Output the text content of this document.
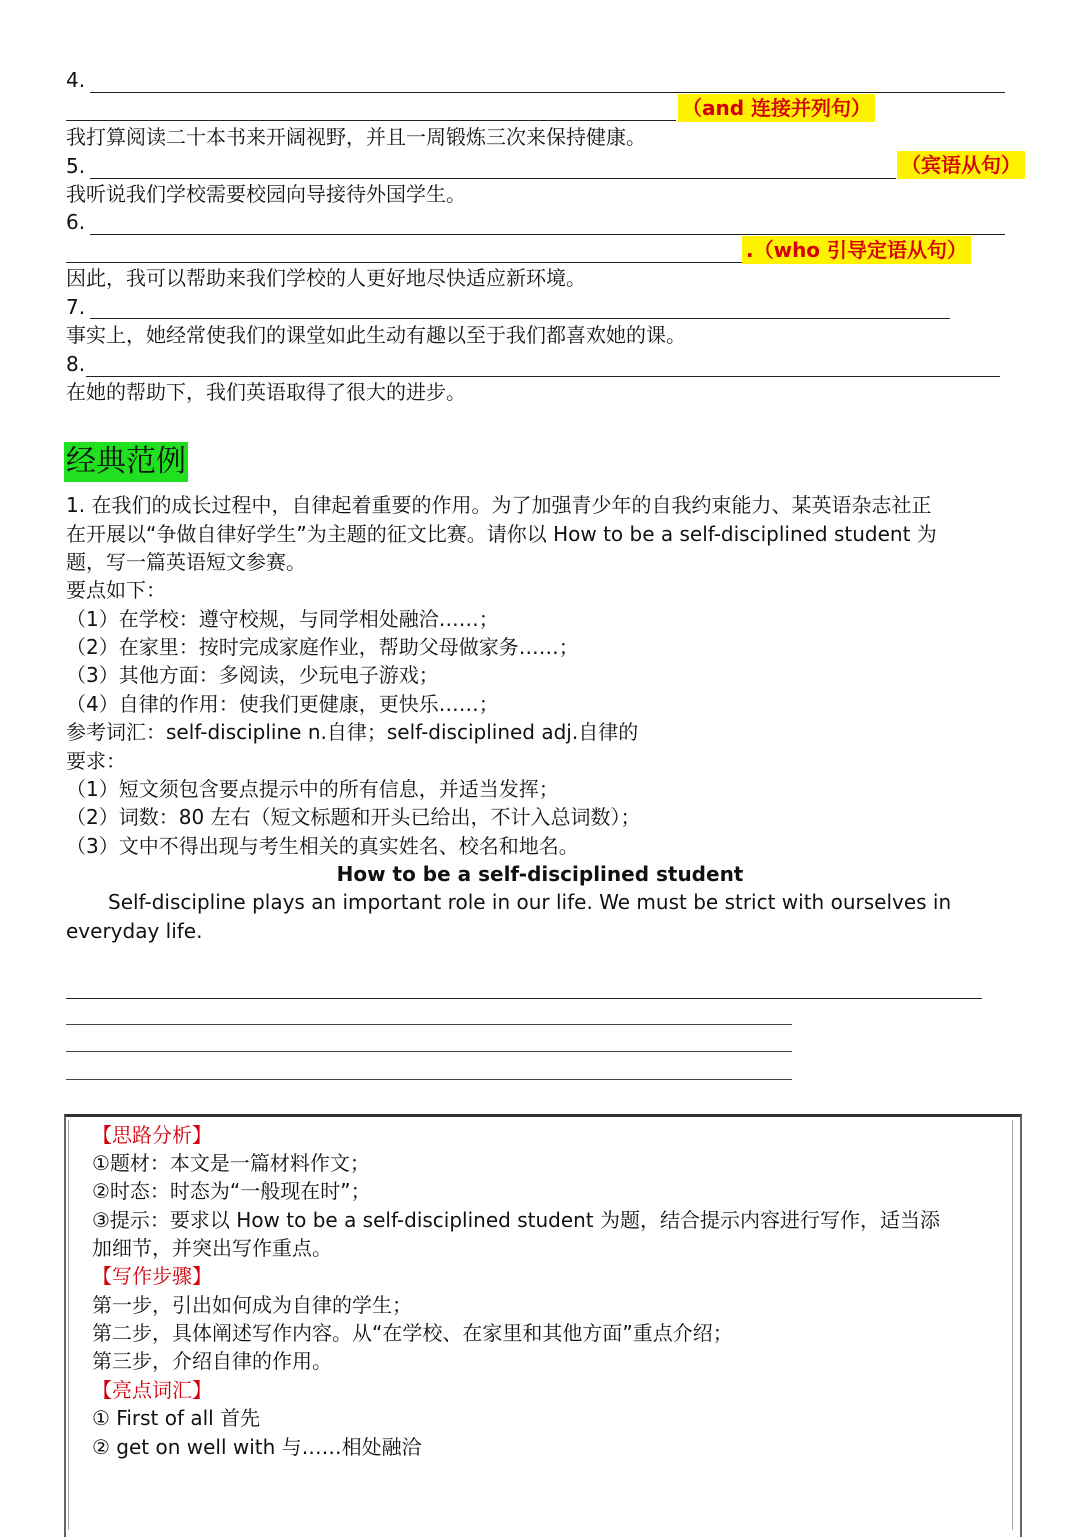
4.
（and 连接并列句）
我打算阅读二十本书来开阔视野，并且一周锻炼三次来保持健康。
5.	（宾语从句）
我听说我们学校需要校园向导接待外国学生。
6.
.（who 引导定语从句）
因此，我可以帮助来我们学校的人更好地尽快适应新环境。
7.
事实上，她经常使我们的课堂如此生动有趣以至于我们都喜欢她的课。
8.
在她的帮助下，我们英语取得了很大的进步。
经典范例
1. 在我们的成长过程中，自律起着重要的作用。为了加强青少年的自我约束能力、某英语杂志社正
在开展以“争做自律好学生”为主题的征文比赛。请你以 How to be a self-disciplined student 为
题，写一篇英语短文参赛。
要点如下：
（1）在学校：遵守校规，与同学相处融洽……；
（2）在家里：按时完成家庭作业，帮助父母做家务……；
（3）其他方面：多阅读，少玩电子游戏；
（4）自律的作用：使我们更健康，更快乐……；
参考词汇：self-discipline n.自律；self-disciplined adj.自律的
要求：
（1）短文须包含要点提示中的所有信息，并适当发挥；
（2）词数：80 左右（短文标题和开头已给出，不计入总词数）；
（3）文中不得出现与考生相关的真实姓名、校名和地名。
How to be a self-disciplined student
Self-discipline plays an important role in our life. We must be strict with ourselves in
everyday life.
【思路分析】
①题材：本文是一篇材料作文；
②时态：时态为“一般现在时”；
③提示：要求以 How to be a self-disciplined student 为题，结合提示内容进行写作，适当添
加细节，并突出写作重点。
【写作步骤】
第一步，引出如何成为自律的学生；
第二步，具体阐述写作内容。从“在学校、在家里和其他方面”重点介绍；
第三步，介绍自律的作用。
【亮点词汇】
① First of all 首先
② get on well with 与……相处融洽
